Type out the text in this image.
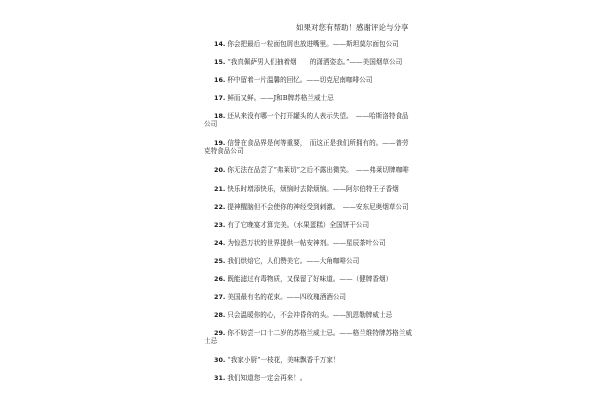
如果对您有帮助！感谢评论与分享
14. 你会把最后一粒面包屑也放进嘴里。——斯坦莫尔面包公司
15. “我真佩萨男人们抽着烟　　的潇洒姿态。”——美国烟草公司
16. 杯中留着一片温馨的回忆。——切克尼南咖啡公司
17. 鲜而又鲜。——J和B牌苏格兰威士忌
18. 还从来没有哪一个打开罐头的人表示失望。　——哈斯洛特食品公司
19. 信誉在食品界是何等重要，　而这正是我们所拥有的。——普劳克特食品公司
20. 你无法在品尝了“弗莱切”之后不露出微笑。　——弗莱切牌咖啡
21. 快乐时增添快乐，烦恼时去除烦恼。——阿尔伯特王子香烟
22. 提神醒脑但不会使你的神经受到刺激。　——安东尼奥烟草公司
23. 有了它晚宴才算完美。（水果蛋糕）全国饼干公司
24. 为惊恐万状的世界提供一帖安神剂。——星辰茶叶公司
25. 我们烘焙它，人们赞美它。——大角咖啡公司
26. 既能滤过有毒物质，又保留了好味道。——（健牌香烟）
27. 美国最有名的花束。——四玫瑰酒酒公司
28. 只会温暖你的心，不会冲昏你的头。——凯恩勒牌威士忌
29. 你不妨尝一口十二岁的苏格兰威士忌。——格兰维特牌苏格兰威士忌
30. “我家小厨”一枝花，美味飘香千万家！
31. 我们知道您一定会再来！。
